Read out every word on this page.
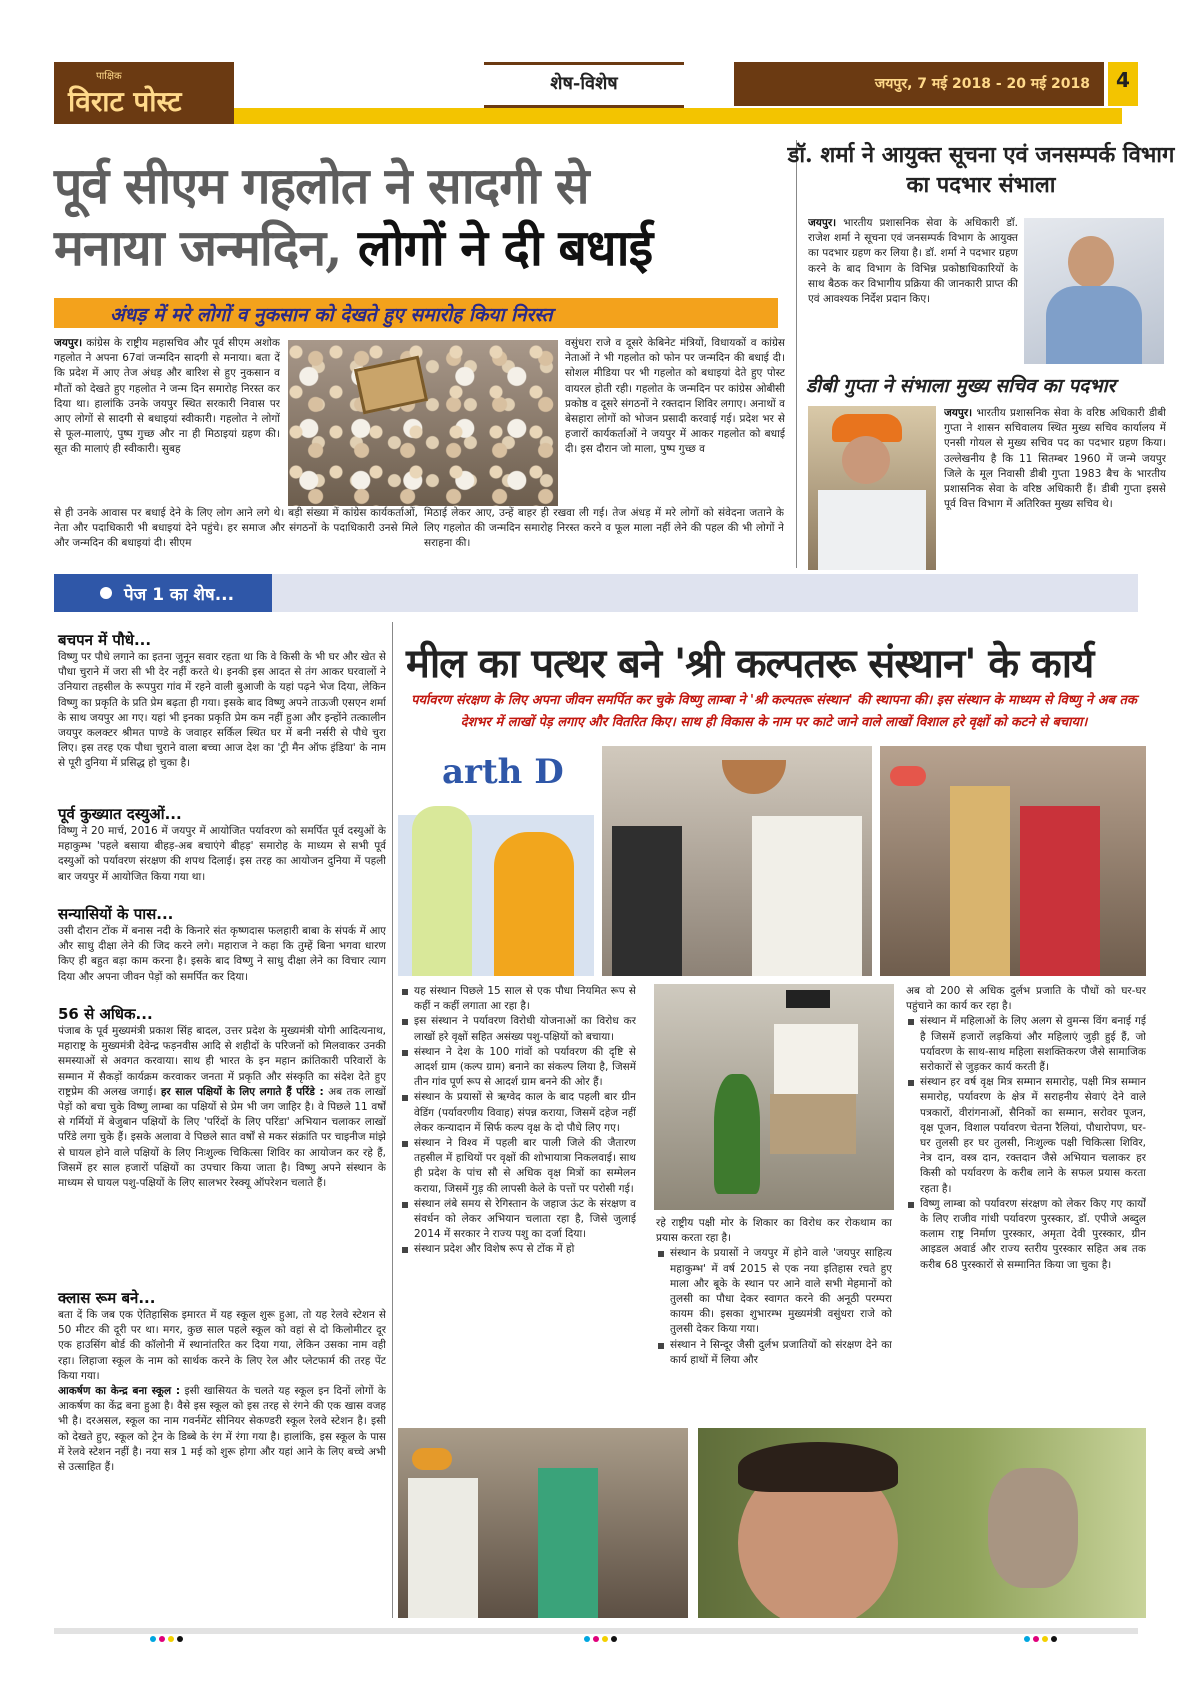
पाक्षिक
विराट पोस्ट
शेष-विशेष	जयपुर, 7 मई 2018 - 20 मई 2018	4
पूर्व सीएम गहलोत ने सादगी से
मनाया जन्मदिन, लोगों ने दी बधाई
अंधड़ में मरे लोगों व नुकसान को देखते हुए समारोह किया निरस्त
जयपुर। कांग्रेस के राष्ट्रीय महासचिव और पूर्व सीएम अशोक गहलोत ने अपना 67वां जन्मदिन सादगी से मनाया। बता दें कि प्रदेश में आए तेज अंधड़ और बारिश से हुए नुकसान व मौतों को देखते हुए गहलोत ने जन्म दिन समारोह निरस्त कर दिया था। हालांकि उनके जयपुर स्थित सरकारी निवास पर आए लोगों से सादगी से बधाइयां स्वीकारी। गहलोत ने लोगों से फूल-मालाएं, पुष्प गुच्छ और ना ही मिठाइयां ग्रहण की। सूत की मालाएं ही स्वीकारी। सुबह
वसुंधरा राजे व दूसरे केबिनेट मंत्रियों, विधायकों व कांग्रेस नेताओं ने भी गहलोत को फोन पर जन्मदिन की बधाई दी। सोशल मीडिया पर भी गहलोत को बधाइयां देते हुए पोस्ट वायरल होती रही। गहलोत के जन्मदिन पर कांग्रेस ओबीसी प्रकोष्ठ व दूसरे संगठनों ने रक्तदान शिविर लगाए। अनाथों व बेसहारा लोगों को भोजन प्रसादी करवाई गई। प्रदेश भर से हजारों कार्यकर्ताओं ने जयपुर में आकर गहलोत को बधाई दी। इस दौरान जो माला, पुष्प गुच्छ व
से ही उनके आवास पर बधाई देने के लिए लोग आने लगे थे। बड़ी संख्या में कांग्रेस कार्यकर्ताओं, नेता और पदाधिकारी भी बधाइयां देने पहुंचे। हर समाज और संगठनों के पदाधिकारी उनसे मिले और जन्मदिन की बधाइयां दी। सीएम
मिठाई लेकर आए, उन्हें बाहर ही रखवा ली गई। तेज अंधड़ में मरे लोगों को संवेदना जताने के लिए गहलोत की जन्मदिन समारोह निरस्त करने व फूल माला नहीं लेने की पहल की भी लोगों ने सराहना की।
डॉ. शर्मा ने आयुक्त सूचना एवं जनसम्पर्क विभाग का पदभार संभाला
जयपुर। भारतीय प्रशासनिक सेवा के अधिकारी डॉ. राजेश शर्मा ने सूचना एवं जनसम्पर्क विभाग के आयुक्त का पदभार ग्रहण कर लिया है। डॉ. शर्मा ने पदभार ग्रहण करने के बाद विभाग के विभिन्न प्रकोष्ठाधिकारियों के साथ बैठक कर विभागीय प्रक्रिया की जानकारी प्राप्त की एवं आवश्यक निर्देश प्रदान किए।
डीबी गुप्ता ने संभाला मुख्य सचिव का पदभार
जयपुर। भारतीय प्रशासनिक सेवा के वरिष्ठ अधिकारी डीबी गुप्ता ने शासन सचिवालय स्थित मुख्य सचिव कार्यालय में एनसी गोयल से मुख्य सचिव पद का पदभार ग्रहण किया। उल्लेखनीय है कि 11 सितम्बर 1960 में जन्मे जयपुर जिले के मूल निवासी डीबी गुप्ता 1983 बैच के भारतीय प्रशासनिक सेवा के वरिष्ठ अधिकारी हैं। डीबी गुप्ता इससे पूर्व वित्त विभाग में अतिरिक्त मुख्य सचिव थे।
पेज 1 का शेष...
बचपन में पौधे...
विष्णु पर पौधे लगाने का इतना जुनून सवार रहता था कि वे किसी के भी घर और खेत से पौधा चुराने में जरा सी भी देर नहीं करते थे। इनकी इस आदत से तंग आकर घरवालों ने उनियारा तहसील के रूपपुरा गांव में रहने वाली बुआजी के यहां पढ़ने भेज दिया, लेकिन विष्णु का प्रकृति के प्रति प्रेम बढ़ता ही गया। इसके बाद विष्णु अपने ताऊजी एसएन शर्मा के साथ जयपुर आ गए। यहां भी इनका प्रकृति प्रेम कम नहीं हुआ और इन्होंने तत्कालीन जयपुर कलक्टर श्रीमत पाण्डे के जवाहर सर्किल स्थित घर में बनी नर्सरी से पौधे चुरा लिए। इस तरह एक पौधा चुराने वाला बच्चा आज देश का 'ट्री मैन ऑफ इंडिया' के नाम से पूरी दुनिया में प्रसिद्ध हो चुका है।
पूर्व कुख्यात दस्युओं...
विष्णु ने 20 मार्च, 2016 में जयपुर में आयोजित पर्यावरण को समर्पित पूर्व दस्युओं के महाकुम्भ 'पहले बसाया बीहड़-अब बचाएंगे बीहड़' समारोह के माध्यम से सभी पूर्व दस्युओं को पर्यावरण संरक्षण की शपथ दिलाई। इस तरह का आयोजन दुनिया में पहली बार जयपुर में आयोजित किया गया था।
सन्यासियों के पास...
उसी दौरान टोंक में बनास नदी के किनारे संत कृष्णदास फलहारी बाबा के संपर्क में आए और साधु दीक्षा लेने की जिद करने लगे। महाराज ने कहा कि तुम्हें बिना भगवा धारण किए ही बहुत बड़ा काम करना है। इसके बाद विष्णु ने साधु दीक्षा लेने का विचार त्याग दिया और अपना जीवन पेड़ों को समर्पित कर दिया।
56 से अधिक...
पंजाब के पूर्व मुख्यमंत्री प्रकाश सिंह बादल, उत्तर प्रदेश के मुख्यमंत्री योगी आदित्यनाथ, महाराष्ट्र के मुख्यमंत्री देवेन्द्र फड़नवीस आदि से शहीदों के परिजनों को मिलवाकर उनकी समस्याओं से अवगत करवाया। साथ ही भारत के इन महान क्रांतिकारी परिवारों के सम्मान में सैकड़ों कार्यक्रम करवाकर जनता में प्रकृति और संस्कृति का संदेश देते हुए राष्ट्रप्रेम की अलख जगाई। हर साल पक्षियों के लिए लगाते हैं परिंडे : अब तक लाखों पेड़ों को बचा चुके विष्णु लाम्बा का पक्षियों से प्रेम भी जग जाहिर है। वे पिछले 11 वर्षों से गर्मियों में बेजुबान पक्षियों के लिए 'परिंदों के लिए परिंडा' अभियान चलाकर लाखों परिंडे लगा चुके हैं। इसके अलावा वे पिछले सात वर्षों से मकर संक्रांति पर चाइनीज मांझे से घायल होने वाले पक्षियों के लिए निःशुल्क चिकित्सा शिविर का आयोजन कर रहे हैं, जिसमें हर साल हजारों पक्षियों का उपचार किया जाता है। विष्णु अपने संस्थान के माध्यम से घायल पशु-पक्षियों के लिए सालभर रेस्क्यू ऑपरेशन चलाते हैं।
क्लास रूम बने...
बता दें कि जब एक ऐतिहासिक इमारत में यह स्कूल शुरू हुआ, तो यह रेलवे स्टेशन से 50 मीटर की दूरी पर था। मगर, कुछ साल पहले स्कूल को वहां से दो किलोमीटर दूर एक हाउसिंग बोर्ड की कॉलोनी में स्थानांतरित कर दिया गया, लेकिन उसका नाम वही रहा। लिहाजा स्कूल के नाम को सार्थक करने के लिए रेल और प्लेटफार्म की तरह पेंट किया गया।
आकर्षण का केन्द्र बना स्कूल : इसी खासियत के चलते यह स्कूल इन दिनों लोगों के आकर्षण का केंद्र बना हुआ है। वैसे इस स्कूल को इस तरह से रंगने की एक खास वजह भी है। दरअसल, स्कूल का नाम गवर्नमेंट सीनियर सेकण्डरी स्कूल रेलवे स्टेशन है। इसी को देखते हुए, स्कूल को ट्रेन के डिब्बे के रंग में रंगा गया है। हालांकि, इस स्कूल के पास में रेलवे स्टेशन नहीं है। नया सत्र 1 मई को शुरू होगा और यहां आने के लिए बच्चे अभी से उत्साहित हैं।
मील का पत्थर बने 'श्री कल्पतरू संस्थान' के कार्य
पर्यावरण संरक्षण के लिए अपना जीवन समर्पित कर चुके विष्णु लाम्बा ने 'श्री कल्पतरू संस्थान' की स्थापना की। इस संस्थान के माध्यम से विष्णु ने अब तक देशभर में लाखों पेड़ लगाए और वितरित किए। साथ ही विकास के नाम पर काटे जाने वाले लाखों विशाल हरे वृक्षों को कटने से बचाया।
arth D
यह संस्थान पिछले 15 साल से एक पौधा नियमित रूप से कहीं न कहीं लगाता आ रहा है।
इस संस्थान ने पर्यावरण विरोधी योजनाओं का विरोध कर लाखों हरे वृक्षों सहित असंख्य पशु-पक्षियों को बचाया।
संस्थान ने देश के 100 गांवों को पर्यावरण की दृष्टि से आदर्श ग्राम (कल्प ग्राम) बनाने का संकल्प लिया है, जिसमें तीन गांव पूर्ण रूप से आदर्श ग्राम बनने की ओर हैं।
संस्थान के प्रयासों से ऋग्वेद काल के बाद पहली बार ग्रीन वेडिंग (पर्यावरणीय विवाह) संपन्न कराया, जिसमें दहेज नहीं लेकर कन्यादान में सिर्फ कल्प वृक्ष के दो पौधे लिए गए।
संस्थान ने विश्व में पहली बार पाली जिले की जैतारण तहसील में हाथियों पर वृक्षों की शोभायात्रा निकलवाई। साथ ही प्रदेश के पांच सौ से अधिक वृक्ष मित्रों का सम्मेलन कराया, जिसमें गुड़ की लापसी केले के पत्तों पर परोसी गई।
संस्थान लंबे समय से रेगिस्तान के जहाज ऊंट के संरक्षण व संवर्धन को लेकर अभियान चलाता रहा है, जिसे जुलाई 2014 में सरकार ने राज्य पशु का दर्जा दिया।
संस्थान प्रदेश और विशेष रूप से टोंक में हो
रहे राष्ट्रीय पक्षी मोर के शिकार का विरोध कर रोकथाम का प्रयास करता रहा है।
संस्थान के प्रयासों ने जयपुर में होने वाले 'जयपुर साहित्य महाकुम्भ' में वर्ष 2015 से एक नया इतिहास रचते हुए माला और बूके के स्थान पर आने वाले सभी मेहमानों को तुलसी का पौधा देकर स्वागत करने की अनूठी परम्परा कायम की। इसका शुभारम्भ मुख्यमंत्री वसुंधरा राजे को तुलसी देकर किया गया।
संस्थान ने सिन्दूर जैसी दुर्लभ प्रजातियों को संरक्षण देने का कार्य हाथों में लिया और
अब वो 200 से अधिक दुर्लभ प्रजाति के पौधों को घर-घर पहुंचाने का कार्य कर रहा है।
संस्थान में महिलाओं के लिए अलग से वुमन्स विंग बनाई गई है जिसमें हजारों लड़कियां और महिलाएं जुड़ी हुई हैं, जो पर्यावरण के साथ-साथ महिला सशक्तिकरण जैसे सामाजिक सरोकारों से जुड़कर कार्य करती हैं।
संस्थान हर वर्ष वृक्ष मित्र सम्मान समारोह, पक्षी मित्र सम्मान समारोह, पर्यावरण के क्षेत्र में सराहनीय सेवाएं देने वाले पत्रकारों, वीरांगनाओं, सैनिकों का सम्मान, सरोवर पूजन, वृक्ष पूजन, विशाल पर्यावरण चेतना रैलियां, पौधारोपण, घर-घर तुलसी हर घर तुलसी, निःशुल्क पक्षी चिकित्सा शिविर, नेत्र दान, वस्त्र दान, रक्तदान जैसे अभियान चलाकर हर किसी को पर्यावरण के करीब लाने के सफल प्रयास करता रहता है।
विष्णु लाम्बा को पर्यावरण संरक्षण को लेकर किए गए कार्यों के लिए राजीव गांधी पर्यावरण पुरस्कार, डॉ. एपीजे अब्दुल कलाम राष्ट्र निर्माण पुरस्कार, अमृता देवी पुरस्कार, ग्रीन आइडल अवार्ड और राज्य स्तरीय पुरस्कार सहित अब तक करीब 68 पुरस्कारों से सम्मानित किया जा चुका है।
